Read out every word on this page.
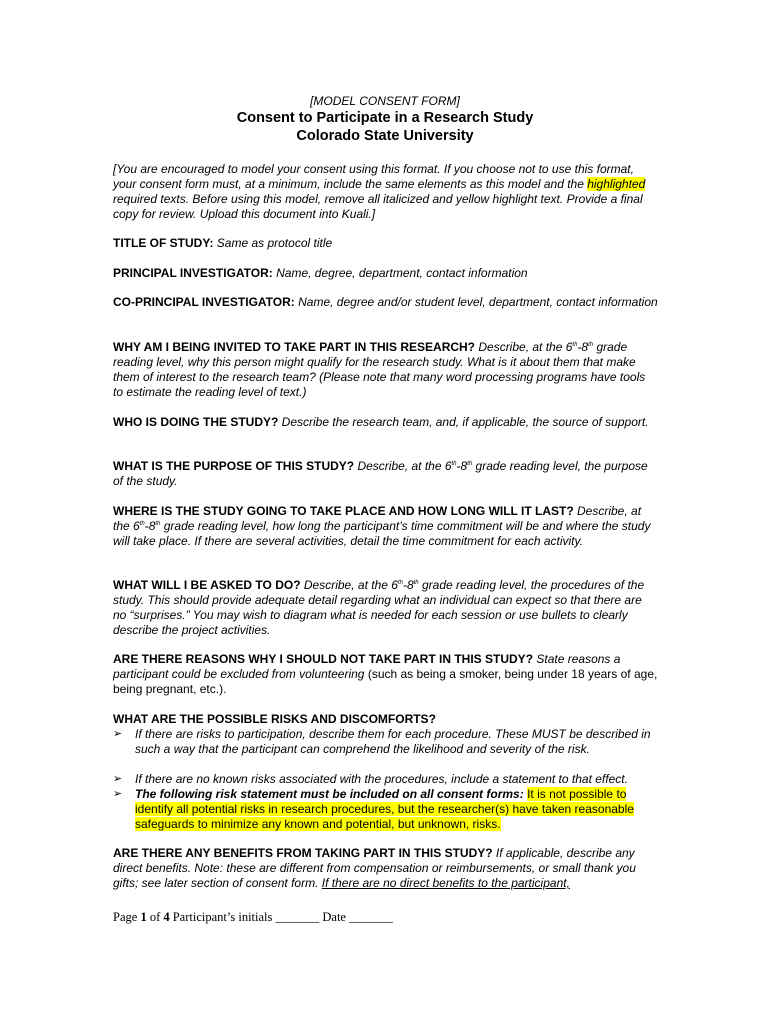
[MODEL CONSENT FORM]
Consent to Participate in a Research Study
Colorado State University
[You are encouraged to model your consent using this format. If you choose not to use this format, your consent form must, at a minimum, include the same elements as this model and the highlighted required texts. Before using this model, remove all italicized and yellow highlight text. Provide a final copy for review. Upload this document into Kuali.]
TITLE OF STUDY: Same as protocol title
PRINCIPAL INVESTIGATOR: Name, degree, department, contact information
CO-PRINCIPAL INVESTIGATOR: Name, degree and/or student level, department, contact information
WHY AM I BEING INVITED TO TAKE PART IN THIS RESEARCH? Describe, at the 6th-8th grade reading level, why this person might qualify for the research study. What is it about them that make them of interest to the research team? (Please note that many word processing programs have tools to estimate the reading level of text.)
WHO IS DOING THE STUDY? Describe the research team, and, if applicable, the source of support.
WHAT IS THE PURPOSE OF THIS STUDY? Describe, at the 6th-8th grade reading level, the purpose of the study.
WHERE IS THE STUDY GOING TO TAKE PLACE AND HOW LONG WILL IT LAST? Describe, at the 6th-8th grade reading level, how long the participant’s time commitment will be and where the study will take place. If there are several activities, detail the time commitment for each activity.
WHAT WILL I BE ASKED TO DO? Describe, at the 6th-8th grade reading level, the procedures of the study. This should provide adequate detail regarding what an individual can expect so that there are no “surprises.” You may wish to diagram what is needed for each session or use bullets to clearly describe the project activities.
ARE THERE REASONS WHY I SHOULD NOT TAKE PART IN THIS STUDY? State reasons a participant could be excluded from volunteering (such as being a smoker, being under 18 years of age, being pregnant, etc.).
WHAT ARE THE POSSIBLE RISKS AND DISCOMFORTS?
➢	If there are risks to participation, describe them for each procedure. These MUST be described in such a way that the participant can comprehend the likelihood and severity of the risk.
➢	If there are no known risks associated with the procedures, include a statement to that effect.
➢	The following risk statement must be included on all consent forms: It is not possible to identify all potential risks in research procedures, but the researcher(s) have taken reasonable safeguards to minimize any known and potential, but unknown, risks.
ARE THERE ANY BENEFITS FROM TAKING PART IN THIS STUDY? If applicable, describe any direct benefits. Note: these are different from compensation or reimbursements, or small thank you gifts; see later section of consent form. If there are no direct benefits to the participant,
Page 1 of 4 Participant’s initials _______ Date _______
